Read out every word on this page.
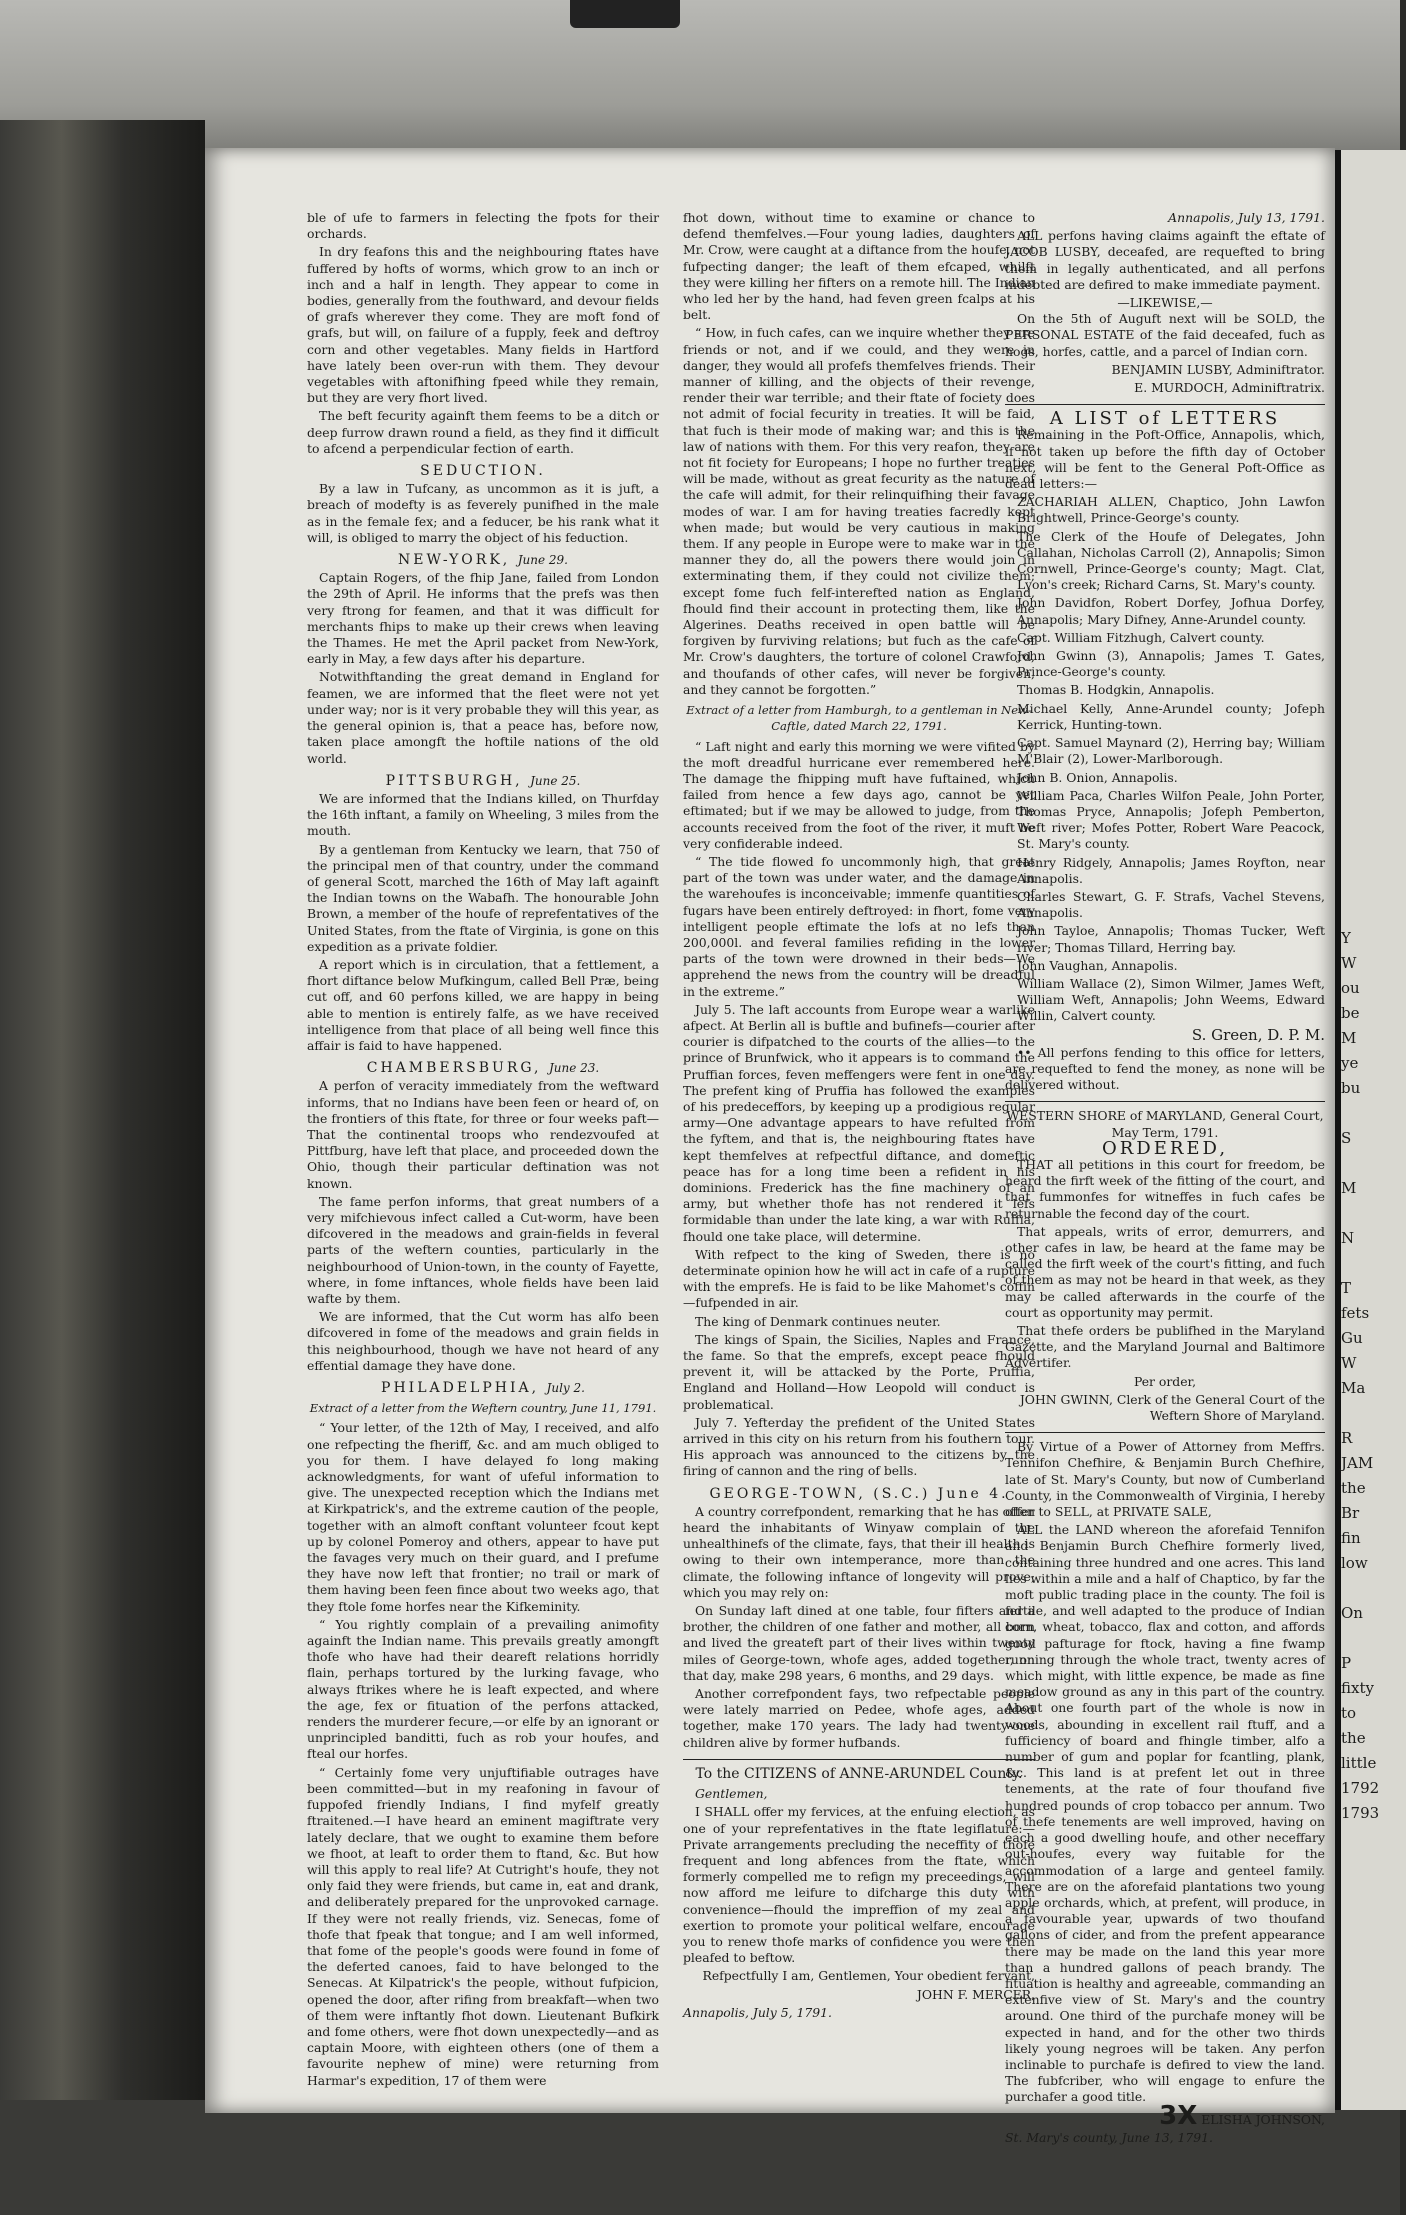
ble of ufe to farmers in felecting the fpots for their orchards.

In dry feafons this and the neighbouring ftates have fuffered by hofts of worms, which grow to an inch or inch and a half in length. They appear to come in bodies, generally from the fouthward, and devour fields of grafs wherever they come. They are moft fond of grafs, but will, on failure of a fupply, feek and deftroy corn and other vegetables. Many fields in Hartford have lately been over-run with them. They devour vegetables with aftonifhing fpeed while they remain, but they are very fhort lived.

The beft fecurity againft them feems to be a ditch or deep furrow drawn round a field, as they find it difficult to afcend a perpendicular fection of earth.

SEDUCTION.

By a law in Tufcany, as uncommon as it is juft, a breach of modefty is as feverely punifhed in the male as in the female fex; and a feducer, be his rank what it will, is obliged to marry the object of his feduction.

NEW-YORK, June 29.

Captain Rogers, of the fhip Jane, failed from London the 29th of April. He informs that the prefs was then very ftrong for feamen, and that it was difficult for merchants fhips to make up their crews when leaving the Thames. He met the April packet from New-York, early in May, a few days after his departure.

Notwithftanding the great demand in England for feamen, we are informed that the fleet were not yet under way; nor is it very probable they will this year, as the general opinion is, that a peace has, before now, taken place amongft the hoftile nations of the old world.

PITTSBURGH, June 25.

We are informed that the Indians killed, on Thurfday the 16th inftant, a family on Wheeling, 3 miles from the mouth.

By a gentleman from Kentucky we learn, that 750 of the principal men of that country, under the command of general Scott, marched the 16th of May laft againft the Indian towns on the Wabafh. The honourable John Brown, a member of the houfe of reprefentatives of the United States, from the ftate of Virginia, is gone on this expedition as a private foldier.

A report which is in circulation, that a fettlement, a fhort diftance below Mufkingum, called Bell Præ, being cut off, and 60 perfons killed, we are happy in being able to mention is entirely falfe, as we have received intelligence from that place of all being well fince this affair is faid to have happened.

CHAMBERSBURG, June 23.

A perfon of veracity immediately from the weftward informs, that no Indians have been feen or heard of, on the frontiers of this ftate, for three or four weeks paft—That the continental troops who rendezvoufed at Pittfburg, have left that place, and proceeded down the Ohio, though their particular deftination was not known.

The fame perfon informs, that great numbers of a very mifchievous infect called a Cut-worm, have been difcovered in the meadows and grain-fields in feveral parts of the weftern counties, particularly in the neighbourhood of Union-town, in the county of Fayette, where, in fome inftances, whole fields have been laid wafte by them.

We are informed, that the Cut worm has alfo been difcovered in fome of the meadows and grain fields in this neighbourhood, though we have not heard of any effential damage they have done.

PHILADELPHIA, July 2.
Extract of a letter from the Weftern country, June 11, 1791.

“ Your letter, of the 12th of May, I received, and alfo one refpecting the fheriff, &c. and am much obliged to you for them. I have delayed fo long making acknowledgments, for want of ufeful information to give. The unexpected reception which the Indians met at Kirkpatrick's, and the extreme caution of the people, together with an almoft conftant volunteer fcout kept up by colonel Pomeroy and others, appear to have put the favages very much on their guard, and I prefume they have now left that frontier; no trail or mark of them having been feen fince about two weeks ago, that they ftole fome horfes near the Kifkeminity.

“ You rightly complain of a prevailing animofity againft the Indian name. This prevails greatly amongft thofe who have had their deareft relations horridly flain, perhaps tortured by the lurking favage, who always ftrikes where he is leaft expected, and where the age, fex or fituation of the perfons attacked, renders the murderer fecure,—or elfe by an ignorant or unprincipled banditti, fuch as rob your houfes, and fteal our horfes.

“ Certainly fome very unjuftifiable outrages have been committed—but in my reafoning in favour of fuppofed friendly Indians, I find myfelf greatly ftraitened.—I have heard an eminent magiftrate very lately declare, that we ought to examine them before we fhoot, at leaft to order them to ftand, &c. But how will this apply to real life? At Cutright's houfe, they not only faid they were friends, but came in, eat and drank, and deliberately prepared for the unprovoked carnage. If they were not really friends, viz. Senecas, fome of thofe that fpeak that tongue; and I am well informed, that fome of the people's goods were found in fome of the deferted canoes, faid to have belonged to the Senecas. At Kilpatrick's the people, without fufpicion, opened the door, after rifing from breakfaft—when two of them were inftantly fhot down. Lieutenant Bufkirk and fome others, were fhot down unexpectedly—and as captain Moore, with eighteen others (one of them a favourite nephew of mine) were returning from Harmar's expedition, 17 of them were

fhot down, without time to examine or chance to defend themfelves.—Four young ladies, daughters of Mr. Crow, were caught at a diftance from the houfe, not fufpecting danger; the leaft of them efcaped, whilft they were killing her fifters on a remote hill. The Indian who led her by the hand, had feven green fcalps at his belt.

“ How, in fuch cafes, can we inquire whether they are friends or not, and if we could, and they were in danger, they would all profefs themfelves friends. Their manner of killing, and the objects of their revenge, render their war terrible; and their ftate of fociety does not admit of focial fecurity in treaties. It will be faid, that fuch is their mode of making war; and this is the law of nations with them. For this very reafon, they are not fit fociety for Europeans; I hope no further treaties will be made, without as great fecurity as the nature of the cafe will admit, for their relinquifhing their favage modes of war. I am for having treaties facredly kept when made; but would be very cautious in making them. If any people in Europe were to make war in the manner they do, all the powers there would join in exterminating them, if they could not civilize them; except fome fuch felf-interefted nation as England, fhould find their account in protecting them, like the Algerines. Deaths received in open battle will be forgiven by furviving relations; but fuch as the cafe of Mr. Crow's daughters, the torture of colonel Crawford, and thoufands of other cafes, will never be forgiven, and they cannot be forgotten.”

Extract of a letter from Hamburgh, to a gentleman in New-Caftle, dated March 22, 1791.

“ Laft night and early this morning we were vifited by the moft dreadful hurricane ever remembered here. The damage the fhipping muft have fuftained, which failed from hence a few days ago, cannot be yet eftimated; but if we may be allowed to judge, from the accounts received from the foot of the river, it muft be very confiderable indeed.

“ The tide flowed fo uncommonly high, that great part of the town was under water, and the damage in the warehoufes is inconceivable; immenfe quantities of fugars have been entirely deftroyed: in fhort, fome very intelligent people eftimate the lofs at no lefs than 200,000l. and feveral families refiding in the lower parts of the town were drowned in their beds—We apprehend the news from the country will be dreadful in the extreme.”

July 5. The laft accounts from Europe wear a warlike afpect. At Berlin all is buftle and bufinefs—courier after courier is difpatched to the courts of the allies—to the prince of Brunfwick, who it appears is to command the Pruffian forces, feven meffengers were fent in one day. The prefent king of Pruffia has followed the examples of his predeceffors, by keeping up a prodigious regular army—One advantage appears to have refulted from the fyftem, and that is, the neighbouring ftates have kept themfelves at refpectful diftance, and domeftic peace has for a long time been a refident in his dominions. Frederick has the fine machinery of an army, but whether thofe has not rendered it lefs formidable than under the late king, a war with Ruffia, fhould one take place, will determine.

With refpect to the king of Sweden, there is no determinate opinion how he will act in cafe of a rupture with the emprefs. He is faid to be like Mahomet's coffin—fufpended in air.

The king of Denmark continues neuter.

The kings of Spain, the Sicilies, Naples and France, the fame. So that the emprefs, except peace fhould prevent it, will be attacked by the Porte, Pruffia, England and Holland—How Leopold will conduct is problematical.

July 7. Yefterday the prefident of the United States arrived in this city on his return from his fouthern tour. His approach was announced to the citizens by the firing of cannon and the ring of bells.

GEORGE-TOWN, (S.C.) June 4.

A country correfpondent, remarking that he has often heard the inhabitants of Winyaw complain of the unhealthinefs of the climate, fays, that their ill health is owing to their own intemperance, more than the climate, the following inftance of longevity will prove; which you may rely on:

On Sunday laft dined at one table, four fifters and a brother, the children of one father and mother, all born and lived the greateft part of their lives within twenty miles of George-town, whofe ages, added together, on that day, make 298 years, 6 months, and 29 days.

Another correfpondent fays, two refpectable people were lately married on Pedee, whofe ages, added together, make 170 years. The lady had twenty-one children alive by former hufbands.

To the CITIZENS of ANNE-ARUNDEL County.

Gentlemen,

I SHALL offer my fervices, at the enfuing election, as one of your reprefentatives in the ftate legiflature:—Private arrangements precluding the neceffity of thofe frequent and long abfences from the ftate, which formerly compelled me to refign my preceedings, will now afford me leifure to difcharge this duty with convenience—fhould the impreffion of my zeal and exertion to promote your political welfare, encourage you to renew thofe marks of confidence you were then pleafed to beftow.

Refpectfully I am, Gentlemen, Your obedient fervant,

JOHN F. MERCER,

Annapolis, July 5, 1791.

Annapolis, July 13, 1791.

ALL perfons having claims againft the eftate of JACOB LUSBY, deceafed, are requefted to bring them in legally authenticated, and all perfons indebted are defired to make immediate payment.

—LIKEWISE,—

On the 5th of Auguft next will be SOLD, the PERSONAL ESTATE of the faid deceafed, fuch as hogs, horfes, cattle, and a parcel of Indian corn.

BENJAMIN LUSBY, Adminiftrator.

E. MURDOCH, Adminiftratrix.

A LIST of LETTERS

Remaining in the Poft-Office, Annapolis, which, if not taken up before the fifth day of October next, will be fent to the General Poft-Office as dead letters:—

ZACHARIAH ALLEN, Chaptico, John Lawfon Brightwell, Prince-George's county.

The Clerk of the Houfe of Delegates, John Callahan, Nicholas Carroll (2), Annapolis; Simon Cornwell, Prince-George's county; Magt. Clat, Lyon's creek; Richard Carns, St. Mary's county.

John Davidfon, Robert Dorfey, Jofhua Dorfey, Annapolis; Mary Difney, Anne-Arundel county.

Capt. William Fitzhugh, Calvert county.

John Gwinn (3), Annapolis; James T. Gates, Prince-George's county.

Thomas B. Hodgkin, Annapolis.

Michael Kelly, Anne-Arundel county; Jofeph Kerrick, Hunting-town.

Capt. Samuel Maynard (2), Herring bay; William M'Blair (2), Lower-Marlborough.

John B. Onion, Annapolis.

William Paca, Charles Wilfon Peale, John Porter, Thomas Pryce, Annapolis; Jofeph Pemberton, Weft river; Mofes Potter, Robert Ware Peacock, St. Mary's county.

Henry Ridgely, Annapolis; James Royfton, near Annapolis.

Charles Stewart, G. F. Strafs, Vachel Stevens, Annapolis.

John Tayloe, Annapolis; Thomas Tucker, Weft river; Thomas Tillard, Herring bay.

John Vaughan, Annapolis.

William Wallace (2), Simon Wilmer, James Weft, William Weft, Annapolis; John Weems, Edward Willin, Calvert county.

S. Green, D. P. M.

•• All perfons fending to this office for letters, are requefted to fend the money, as none will be delivered without.

WESTERN SHORE of MARYLAND, General Court, May Term, 1791.
ORDERED,

THAT all petitions in this court for freedom, be heard the firft week of the fitting of the court, and that fummonfes for witneffes in fuch cafes be returnable the fecond day of the court.

That appeals, writs of error, demurrers, and other cafes in law, be heard at the fame may be called the firft week of the court's fitting, and fuch of them as may not be heard in that week, as they may be called afterwards in the courfe of the court as opportunity may permit.

That thefe orders be publifhed in the Maryland Gazette, and the Maryland Journal and Baltimore Advertifer.

Per order,

JOHN GWINN, Clerk of the General Court of the Weftern Shore of Maryland.

By Virtue of a Power of Attorney from Meffrs. Tennifon Chefhire, & Benjamin Burch Chefhire, late of St. Mary's County, but now of Cumberland County, in the Commonwealth of Virginia, I hereby offer to SELL, at PRIVATE SALE,

ALL the LAND whereon the aforefaid Tennifon and Benjamin Burch Chefhire formerly lived, containing three hundred and one acres. This land lies within a mile and a half of Chaptico, by far the moft public trading place in the county. The foil is fertile, and well adapted to the produce of Indian corn, wheat, tobacco, flax and cotton, and affords good pafturage for ftock, having a fine fwamp running through the whole tract, twenty acres of which might, with little expence, be made as fine meadow ground as any in this part of the country. About one fourth part of the whole is now in woods, abounding in excellent rail ftuff, and a fufficiency of board and fhingle timber, alfo a number of gum and poplar for fcantling, plank, &c. This land is at prefent let out in three tenements, at the rate of four thoufand five hundred pounds of crop tobacco per annum. Two of thefe tenements are well improved, having on each a good dwelling houfe, and other neceffary out-houfes, every way fuitable for the accommodation of a large and genteel family. There are on the aforefaid plantations two young apple orchards, which, at prefent, will produce, in a favourable year, upwards of two thoufand gallons of cider, and from the prefent appearance there may be made on the land this year more than a hundred gallons of peach brandy. The fituation is healthy and agreeable, commanding an extenfive view of St. Mary's and the country around. One third of the purchafe money will be expected in hand, and for the other two thirds likely young negroes will be taken. Any perfon inclinable to purchafe is defired to view the land. The fubfcriber, who will engage to enfure the purchafer a good title.

3X ELISHA JOHNSON,

St. Mary's county, June 13, 1791.

Y
W
ou
be
M
ye
bu

S

M

N

T
fets
Gu
W
Ma

R
JAM
the
Br
fin
low

On

P
fixty
to
the
little
1792
1793
